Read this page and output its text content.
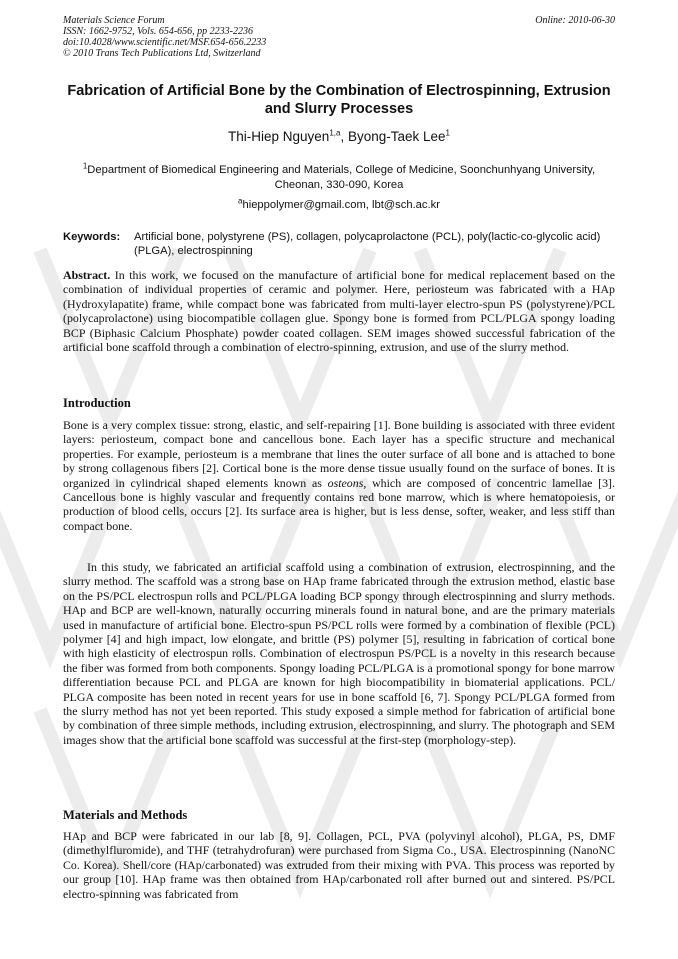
Materials Science Forum
ISSN: 1662-9752, Vols. 654-656, pp 2233-2236
doi:10.4028/www.scientific.net/MSF.654-656.2233
© 2010 Trans Tech Publications Ltd, Switzerland
Online: 2010-06-30
Fabrication of Artificial Bone by the Combination of Electrospinning, Extrusion and Slurry Processes
Thi-Hiep Nguyen$^{1,a}$, Byong-Taek Lee$^1$
$^1$Department of Biomedical Engineering and Materials, College of Medicine, Soonchunhyang University, Cheonan, 330-090, Korea
$^a$hieppolymer@gmail.com, lbt@sch.ac.kr
Keywords:	Artificial bone, polystyrene (PS), collagen, polycaprolactone (PCL), poly(lactic-co-glycolic acid) (PLGA), electrospinning
Abstract. In this work, we focused on the manufacture of artificial bone for medical replacement based on the combination of individual properties of ceramic and polymer. Here, periosteum was fabricated with a HAp (Hydroxylapatite) frame, while compact bone was fabricated from multi-layer electro-spun PS (polystyrene)/PCL (polycaprolactone) using biocompatible collagen glue. Spongy bone is formed from PCL/PLGA spongy loading BCP (Biphasic Calcium Phosphate) powder coated collagen. SEM images showed successful fabrication of the artificial bone scaffold through a combination of electro-spinning, extrusion, and use of the slurry method.
Introduction
Bone is a very complex tissue: strong, elastic, and self-repairing [1]. Bone building is associated with three evident layers: periosteum, compact bone and cancellous bone. Each layer has a specific structure and mechanical properties. For example, periosteum is a membrane that lines the outer surface of all bone and is attached to bone by strong collagenous fibers [2]. Cortical bone is the more dense tissue usually found on the surface of bones. It is organized in cylindrical shaped elements known as osteons, which are composed of concentric lamellae [3]. Cancellous bone is highly vascular and frequently contains red bone marrow, which is where hematopoiesis, or production of blood cells, occurs [2]. Its surface area is higher, but is less dense, softer, weaker, and less stiff than compact bone.
In this study, we fabricated an artificial scaffold using a combination of extrusion, electrospinning, and the slurry method. The scaffold was a strong base on HAp frame fabricated through the extrusion method, elastic base on the PS/PCL electrospun rolls and PCL/PLGA loading BCP spongy through electrospinning and slurry methods. HAp and BCP are well-known, naturally occurring minerals found in natural bone, and are the primary materials used in manufacture of artificial bone. Electro-spun PS/PCL rolls were formed by a combination of flexible (PCL) polymer [4] and high impact, low elongate, and brittle (PS) polymer [5], resulting in fabrication of cortical bone with high elasticity of electrospun rolls. Combination of electrospun PS/PCL is a novelty in this research because the fiber was formed from both components. Spongy loading PCL/PLGA is a promotional spongy for bone marrow differentiation because PCL and PLGA are known for high biocompatibility in biomaterial applications. PCL/ PLGA composite has been noted in recent years for use in bone scaffold [6, 7]. Spongy PCL/PLGA formed from the slurry method has not yet been reported. This study exposed a simple method for fabrication of artificial bone by combination of three simple methods, including extrusion, electrospinning, and slurry. The photograph and SEM images show that the artificial bone scaffold was successful at the first-step (morphology-step).
Materials and Methods
HAp and BCP were fabricated in our lab [8, 9]. Collagen, PCL, PVA (polyvinyl alcohol), PLGA, PS, DMF (dimethylfluromide), and THF (tetrahydrofuran) were purchased from Sigma Co., USA. Electrospinning (NanoNC Co. Korea). Shell/core (HAp/carbonated) was extruded from their mixing with PVA. This process was reported by our group [10]. HAp frame was then obtained from HAp/carbonated roll after burned out and sintered. PS/PCL electro-spinning was fabricated from
